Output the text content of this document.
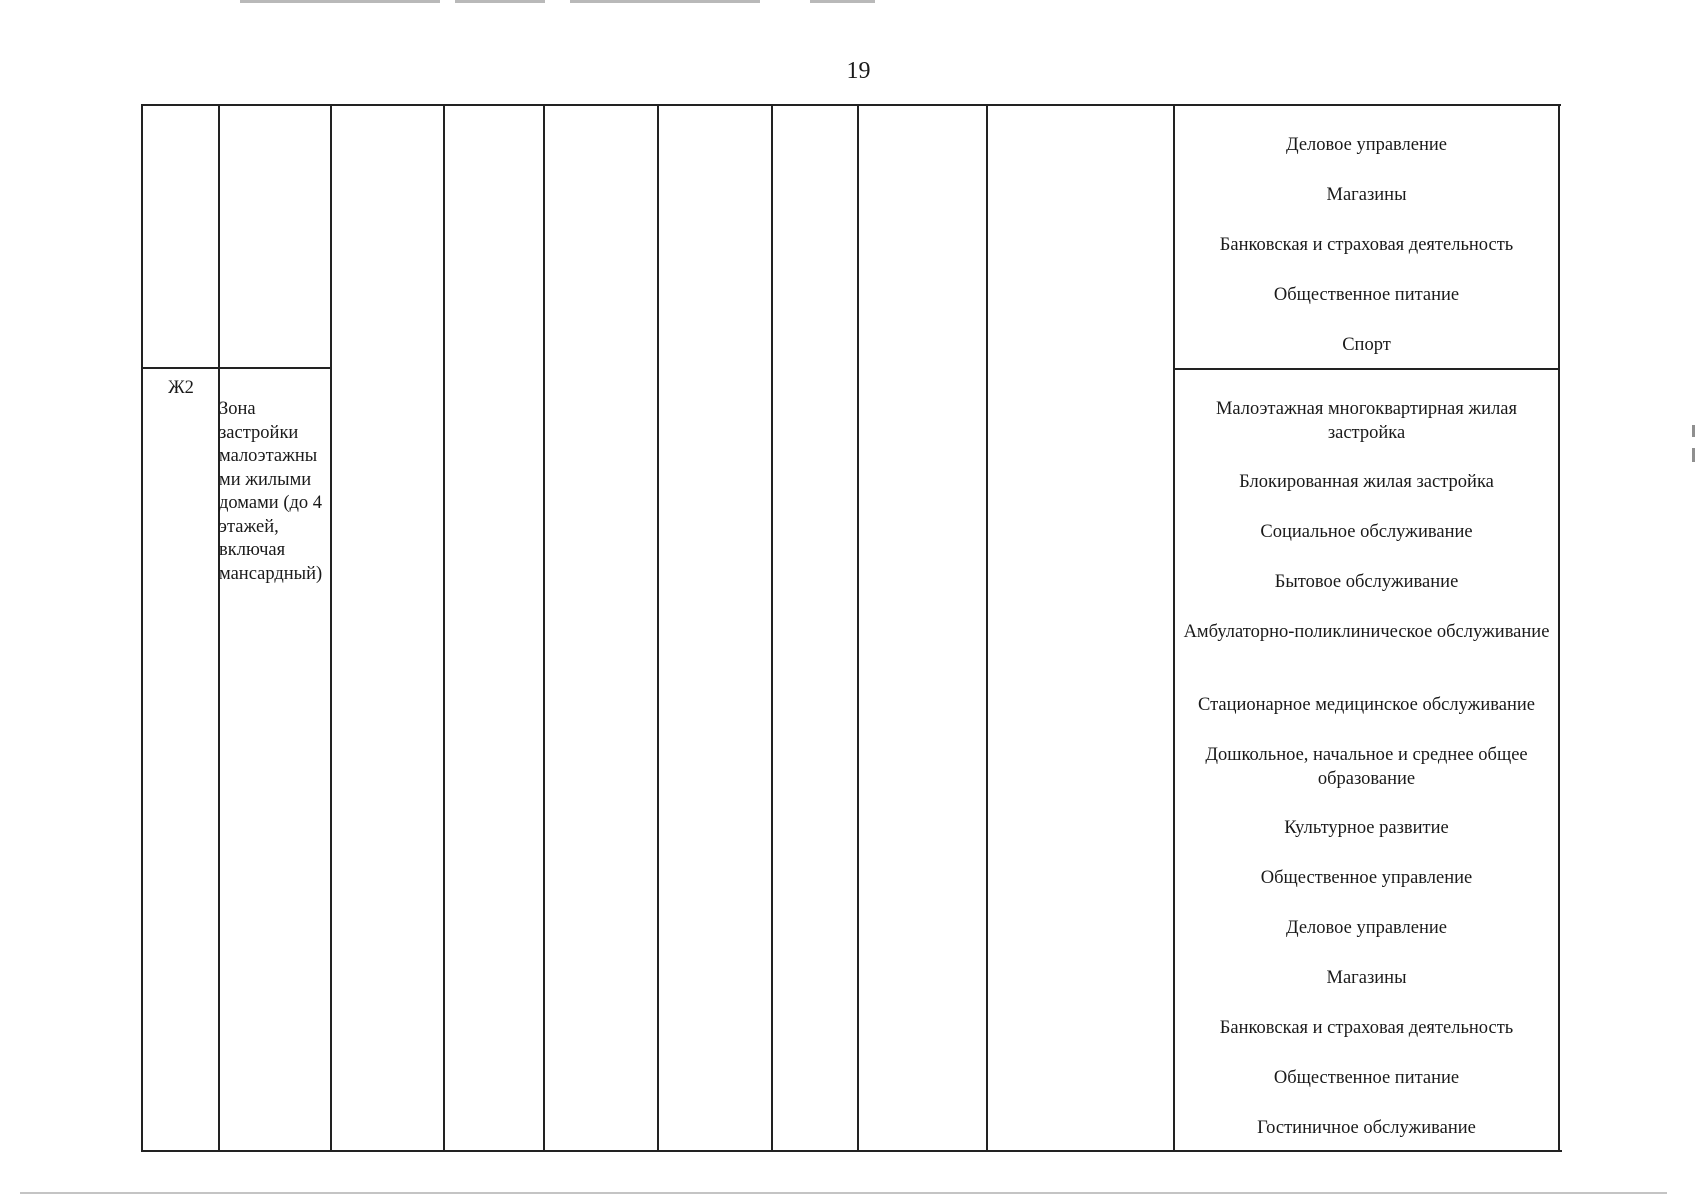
19
Деловое управление
Магазины
Банковская и страховая деятельность
Общественное питание
Спорт
Ж2
Зона
застройки
малоэтажны
ми жилыми
домами (до 4
этажей,
включая
мансардный)
Малоэтажная многоквартирная жилая застройка
Блокированная жилая застройка
Социальное обслуживание
Бытовое обслуживание
Амбулаторно-поликлиническое обслуживание
Стационарное медицинское обслуживание
Дошкольное, начальное и среднее общее образование
Культурное развитие
Общественное управление
Деловое управление
Магазины
Банковская и страховая деятельность
Общественное питание
Гостиничное обслуживание
